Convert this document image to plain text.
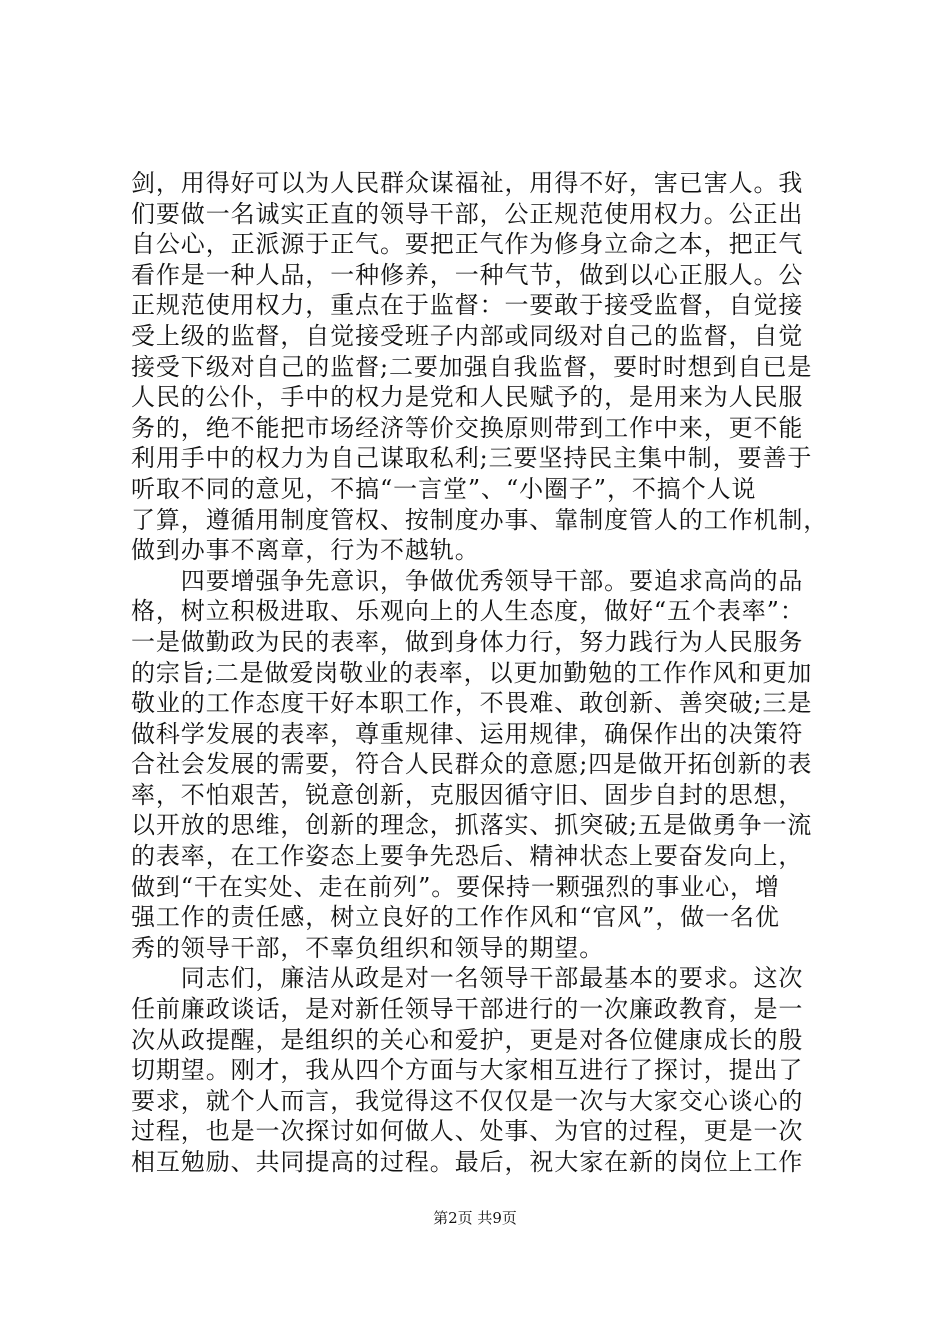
剑，用得好可以为人民群众谋福祉，用得不好，害已害人。我
们要做一名诚实正直的领导干部，公正规范使用权力。公正出
自公心，正派源于正气。要把正气作为修身立命之本，把正气
看作是一种人品，一种修养，一种气节，做到以心正服人。公
正规范使用权力，重点在于监督：一要敢于接受监督，自觉接
受上级的监督，自觉接受班子内部或同级对自己的监督，自觉
接受下级对自己的监督;二要加强自我监督，要时时想到自已是
人民的公仆，手中的权力是党和人民赋予的，是用来为人民服
务的，绝不能把市场经济等价交换原则带到工作中来，更不能
利用手中的权力为自己谋取私利;三要坚持民主集中制，要善于
听取不同的意见，不搞“一言堂”、“小圈子”，不搞个人说
了算，遵循用制度管权、按制度办事、靠制度管人的工作机制，
做到办事不离章，行为不越轨。
　　四要增强争先意识，争做优秀领导干部。要追求高尚的品
格，树立积极进取、乐观向上的人生态度，做好“五个表率”：
一是做勤政为民的表率，做到身体力行，努力践行为人民服务
的宗旨;二是做爱岗敬业的表率，以更加勤勉的工作作风和更加
敬业的工作态度干好本职工作，不畏难、敢创新、善突破;三是
做科学发展的表率，尊重规律、运用规律，确保作出的决策符
合社会发展的需要，符合人民群众的意愿;四是做开拓创新的表
率，不怕艰苦，锐意创新，克服因循守旧、固步自封的思想，
以开放的思维，创新的理念，抓落实、抓突破;五是做勇争一流
的表率，在工作姿态上要争先恐后、精神状态上要奋发向上，
做到“干在实处、走在前列”。要保持一颗强烈的事业心，增
强工作的责任感，树立良好的工作作风和“官风”，做一名优
秀的领导干部，不辜负组织和领导的期望。
　　同志们，廉洁从政是对一名领导干部最基本的要求。这次
任前廉政谈话，是对新任领导干部进行的一次廉政教育，是一
次从政提醒，是组织的关心和爱护，更是对各位健康成长的殷
切期望。刚才，我从四个方面与大家相互进行了探讨，提出了
要求，就个人而言，我觉得这不仅仅是一次与大家交心谈心的
过程，也是一次探讨如何做人、处事、为官的过程，更是一次
相互勉励、共同提高的过程。最后，祝大家在新的岗位上工作
第2页 共9页
